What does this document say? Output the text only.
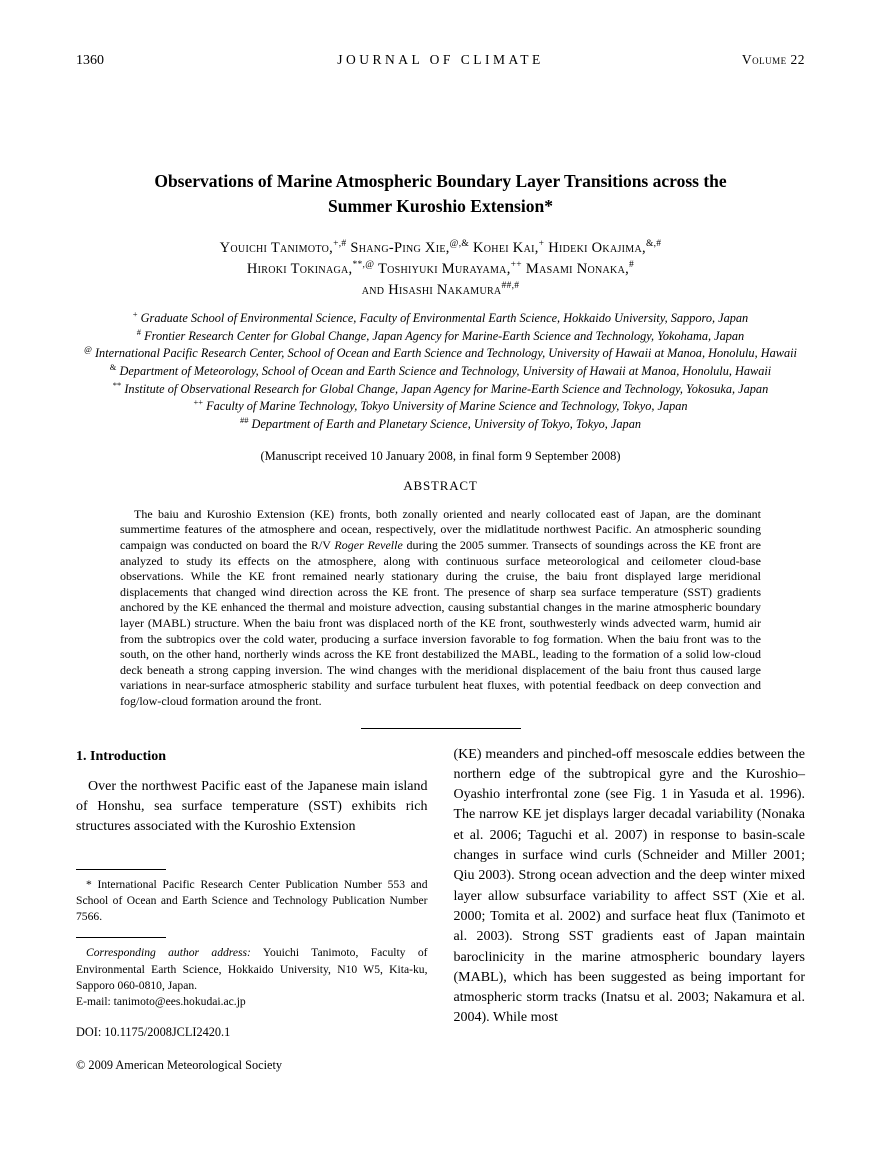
1360	JOURNAL OF CLIMATE	Volume 22
Observations of Marine Atmospheric Boundary Layer Transitions across the
Summer Kuroshio Extension*
Youichi Tanimoto,+,# Shang-Ping Xie,@,& Kohei Kai,+ Hideki Okajima,&,#
Hiroki Tokinaga,**,@ Toshiyuki Murayama,++ Masami Nonaka,#
and Hisashi Nakamura##,#

+ Graduate School of Environmental Science, Faculty of Environmental Earth Science, Hokkaido University, Sapporo, Japan

# Frontier Research Center for Global Change, Japan Agency for Marine-Earth Science and Technology, Yokohama, Japan

@ International Pacific Research Center, School of Ocean and Earth Science and Technology, University of Hawaii at Manoa, Honolulu, Hawaii

& Department of Meteorology, School of Ocean and Earth Science and Technology, University of Hawaii at Manoa, Honolulu, Hawaii

** Institute of Observational Research for Global Change, Japan Agency for Marine-Earth Science and Technology, Yokosuka, Japan

++ Faculty of Marine Technology, Tokyo University of Marine Science and Technology, Tokyo, Japan

## Department of Earth and Planetary Science, University of Tokyo, Tokyo, Japan

(Manuscript received 10 January 2008, in final form 9 September 2008)

ABSTRACT

The baiu and Kuroshio Extension (KE) fronts, both zonally oriented and nearly collocated east of Japan, are the dominant summertime features of the atmosphere and ocean, respectively, over the midlatitude northwest Pacific. An atmospheric sounding campaign was conducted on board the R/V Roger Revelle during the 2005 summer. Transects of soundings across the KE front are analyzed to study its effects on the atmosphere, along with continuous surface meteorological and ceilometer cloud-base observations. While the KE front remained nearly stationary during the cruise, the baiu front displayed large meridional displacements that changed wind direction across the KE front. The presence of sharp sea surface temperature (SST) gradients anchored by the KE enhanced the thermal and moisture advection, causing substantial changes in the marine atmospheric boundary layer (MABL) structure. When the baiu front was displaced north of the KE front, southwesterly winds advected warm, humid air from the subtropics over the cold water, producing a surface inversion favorable to fog formation. When the baiu front was to the south, on the other hand, northerly winds across the KE front destabilized the MABL, leading to the formation of a solid low-cloud deck beneath a strong capping inversion. The wind changes with the meridional displacement of the baiu front thus caused large variations in near-surface atmospheric stability and surface turbulent heat fluxes, with potential feedback on deep convection and fog/low-cloud formation around the front.

1. Introduction

Over the northwest Pacific east of the Japanese main island of Honshu, sea surface temperature (SST) exhibits rich structures associated with the Kuroshio Extension

* International Pacific Research Center Publication Number 553 and School of Ocean and Earth Science and Technology Publication Number 7566.

Corresponding author address: Youichi Tanimoto, Faculty of Environmental Earth Science, Hokkaido University, N10 W5, Kita-ku, Sapporo 060-0810, Japan.

E-mail: tanimoto@ees.hokudai.ac.jp

DOI: 10.1175/2008JCLI2420.1

© 2009 American Meteorological Society

(KE) meanders and pinched-off mesoscale eddies between the northern edge of the subtropical gyre and the Kuroshio–Oyashio interfrontal zone (see Fig. 1 in Yasuda et al. 1996). The narrow KE jet displays larger decadal variability (Nonaka et al. 2006; Taguchi et al. 2007) in response to basin-scale changes in surface wind curls (Schneider and Miller 2001; Qiu 2003). Strong ocean advection and the deep winter mixed layer allow subsurface variability to affect SST (Xie et al. 2000; Tomita et al. 2002) and surface heat flux (Tanimoto et al. 2003). Strong SST gradients east of Japan maintain baroclinicity in the marine atmospheric boundary layers (MABL), which has been suggested as being important for atmospheric storm tracks (Inatsu et al. 2003; Nakamura et al. 2004). While most
